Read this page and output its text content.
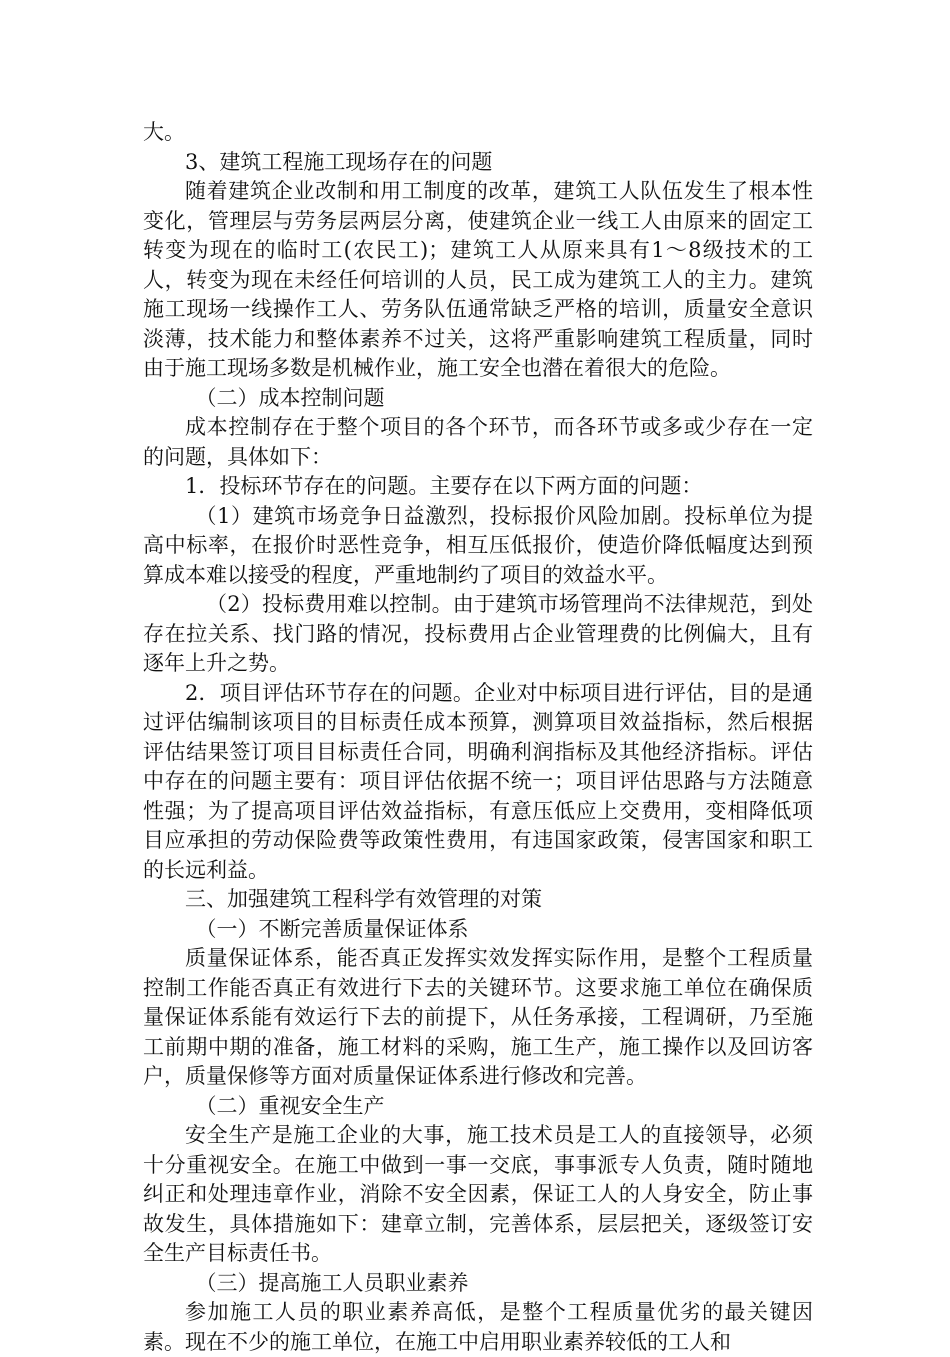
大。

3、建筑工程施工现场存在的问题

随着建筑企业改制和用工制度的改革，建筑工人队伍发生了根本性变化，管理层与劳务层两层分离，使建筑企业一线工人由原来的固定工转变为现在的临时工(农民工)；建筑工人从原来具有1～8级技术的工人，转变为现在未经任何培训的人员，民工成为建筑工人的主力。建筑施工现场一线操作工人、劳务队伍通常缺乏严格的培训，质量安全意识淡薄，技术能力和整体素养不过关，这将严重影响建筑工程质量，同时由于施工现场多数是机械作业，施工安全也潜在着很大的危险。

（二）成本控制问题

成本控制存在于整个项目的各个环节，而各环节或多或少存在一定的问题，具体如下：

1．投标环节存在的问题。主要存在以下两方面的问题：

（1）建筑市场竞争日益激烈，投标报价风险加剧。投标单位为提高中标率，在报价时恶性竞争，相互压低报价，使造价降低幅度达到预算成本难以接受的程度，严重地制约了项目的效益水平。

（2）投标费用难以控制。由于建筑市场管理尚不法律规范，到处存在拉关系、找门路的情况，投标费用占企业管理费的比例偏大，且有逐年上升之势。

2．项目评估环节存在的问题。企业对中标项目进行评估，目的是通过评估编制该项目的目标责任成本预算，测算项目效益指标，然后根据评估结果签订项目目标责任合同，明确利润指标及其他经济指标。评估中存在的问题主要有：项目评估依据不统一；项目评估思路与方法随意性强；为了提高项目评估效益指标，有意压低应上交费用，变相降低项目应承担的劳动保险费等政策性费用，有违国家政策，侵害国家和职工的长远利益。

三、加强建筑工程科学有效管理的对策

（一）不断完善质量保证体系

质量保证体系，能否真正发挥实效发挥实际作用，是整个工程质量控制工作能否真正有效进行下去的关键环节。这要求施工单位在确保质量保证体系能有效运行下去的前提下，从任务承接，工程调研，乃至施工前期中期的准备，施工材料的采购，施工生产，施工操作以及回访客户，质量保修等方面对质量保证体系进行修改和完善。

（二）重视安全生产

安全生产是施工企业的大事，施工技术员是工人的直接领导，必须十分重视安全。在施工中做到一事一交底，事事派专人负责，随时随地纠正和处理违章作业，消除不安全因素，保证工人的人身安全，防止事故发生，具体措施如下：建章立制，完善体系，层层把关，逐级签订安全生产目标责任书。

（三）提高施工人员职业素养

参加施工人员的职业素养高低，是整个工程质量优劣的最关键因素。现在不少的施工单位，在施工中启用职业素养较低的工人和
